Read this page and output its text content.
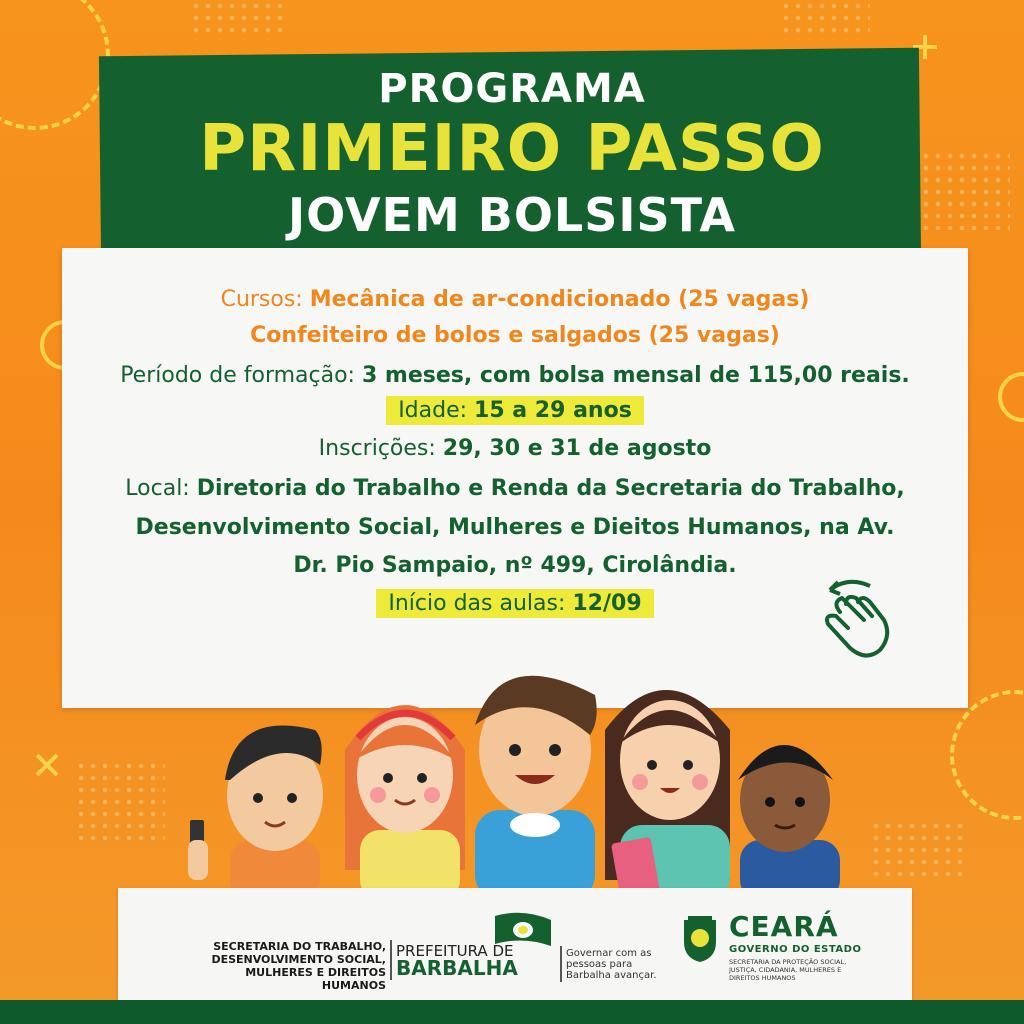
PROGRAMA
PRIMEIRO PASSO
JOVEM BOLSISTA
Cursos: Mecânica de ar-condicionado (25 vagas)
Confeiteiro de bolos e salgados (25 vagas)
Período de formação: 3 meses, com bolsa mensal de 115,00 reais.
Idade: 15 a 29 anos
Inscrições: 29, 30 e 31 de agosto
Local: Diretoria do Trabalho e Renda da Secretaria do Trabalho,
Desenvolvimento Social, Mulheres e Dieitos Humanos, na Av.
Dr. Pio Sampaio, nº 499, Cirolândia.
Início das aulas: 12/09
SECRETARIA DO TRABALHO, DESENVOLVIMENTO SOCIAL, MULHERES E DIREITOS HUMANOS
PREFEITURA DE
BARBALHA
Governar com as pessoas para Barbalha avançar.
CEARÁ
GOVERNO DO ESTADO
SECRETARIA DA PROTEÇÃO SOCIAL, JUSTIÇA, CIDADANIA, MULHERES E DIREITOS HUMANOS
